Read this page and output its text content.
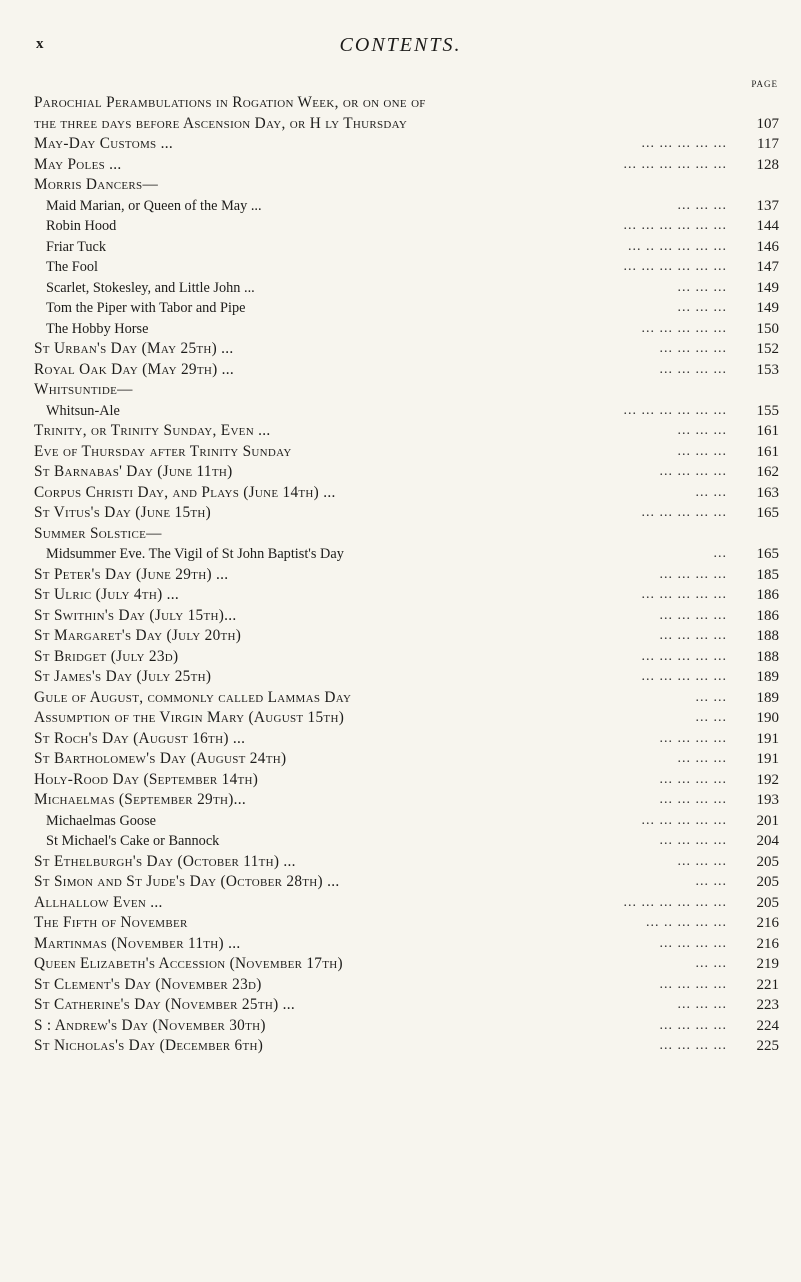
x	CONTENTS.
PAGE
Parochial Perambulations in Rogation Week, or on one of
the three days before Ascension Day, or H ly Thursday	107
May-Day Customs ...	... ... ... ... ...	117
May Poles ...	... ... ... ... ... ...	128
Morris Dancers—
Maid Marian, or Queen of the May ...	... ... ...	137
Robin Hood	... ... ... ... ... ...	144
Friar Tuck	... .. ... ... ... ...	146
The Fool	... ... ... ... ... ...	147
Scarlet, Stokesley, and Little John ...	... ... ...	149
Tom the Piper with Tabor and Pipe	... ... ...	149
The Hobby Horse	... ... ... ... ...	150
St Urban's Day (May 25th) ...	... ... ... ...	152
Royal Oak Day (May 29th) ...	... ... ... ...	153
Whitsuntide—
Whitsun-Ale	... ... ... ... ... ...	155
Trinity, or Trinity Sunday, Even ...	... ... ...	161
Eve of Thursday after Trinity Sunday	... ... ...	161
St Barnabas' Day (June 11th)	... ... ... ...	162
Corpus Christi Day, and Plays (June 14th) ...	... ...	163
St Vitus's Day (June 15th)	... ... ... ... ...	165
Summer Solstice—
Midsummer Eve. The Vigil of St John Baptist's Day	...	165
St Peter's Day (June 29th) ...	... ... ... ...	185
St Ulric (July 4th) ...	... ... ... ... ...	186
St Swithin's Day (July 15th)...	... ... ... ...	186
St Margaret's Day (July 20th)	... ... ... ...	188
St Bridget (July 23d)	... ... ... ... ...	188
St James's Day (July 25th)	... ... ... ... ...	189
Gule of August, commonly called Lammas Day	... ...	189
Assumption of the Virgin Mary (August 15th)	... ...	190
St Roch's Day (August 16th) ...	... ... ... ...	191
St Bartholomew's Day (August 24th)	... ... ...	191
Holy-Rood Day (September 14th)	... ... ... ...	192
Michaelmas (September 29th)...	... ... ... ...	193
Michaelmas Goose	... ... ... ... ...	201
St Michael's Cake or Bannock	... ... ... ...	204
St Ethelburgh's Day (October 11th) ...	... ... ...	205
St Simon and St Jude's Day (October 28th) ...	... ...	205
Allhallow Even ...	... ... ... ... ... ...	205
The Fifth of November	... .. ... ... ...	216
Martinmas (November 11th) ...	... ... ... ...	216
Queen Elizabeth's Accession (November 17th)	... ...	219
St Clement's Day (November 23d)	... ... ... ...	221
St Catherine's Day (November 25th) ...	... ... ...	223
S : Andrew's Day (November 30th)	... ... ... ...	224
St Nicholas's Day (December 6th)	... ... ... ...	225
